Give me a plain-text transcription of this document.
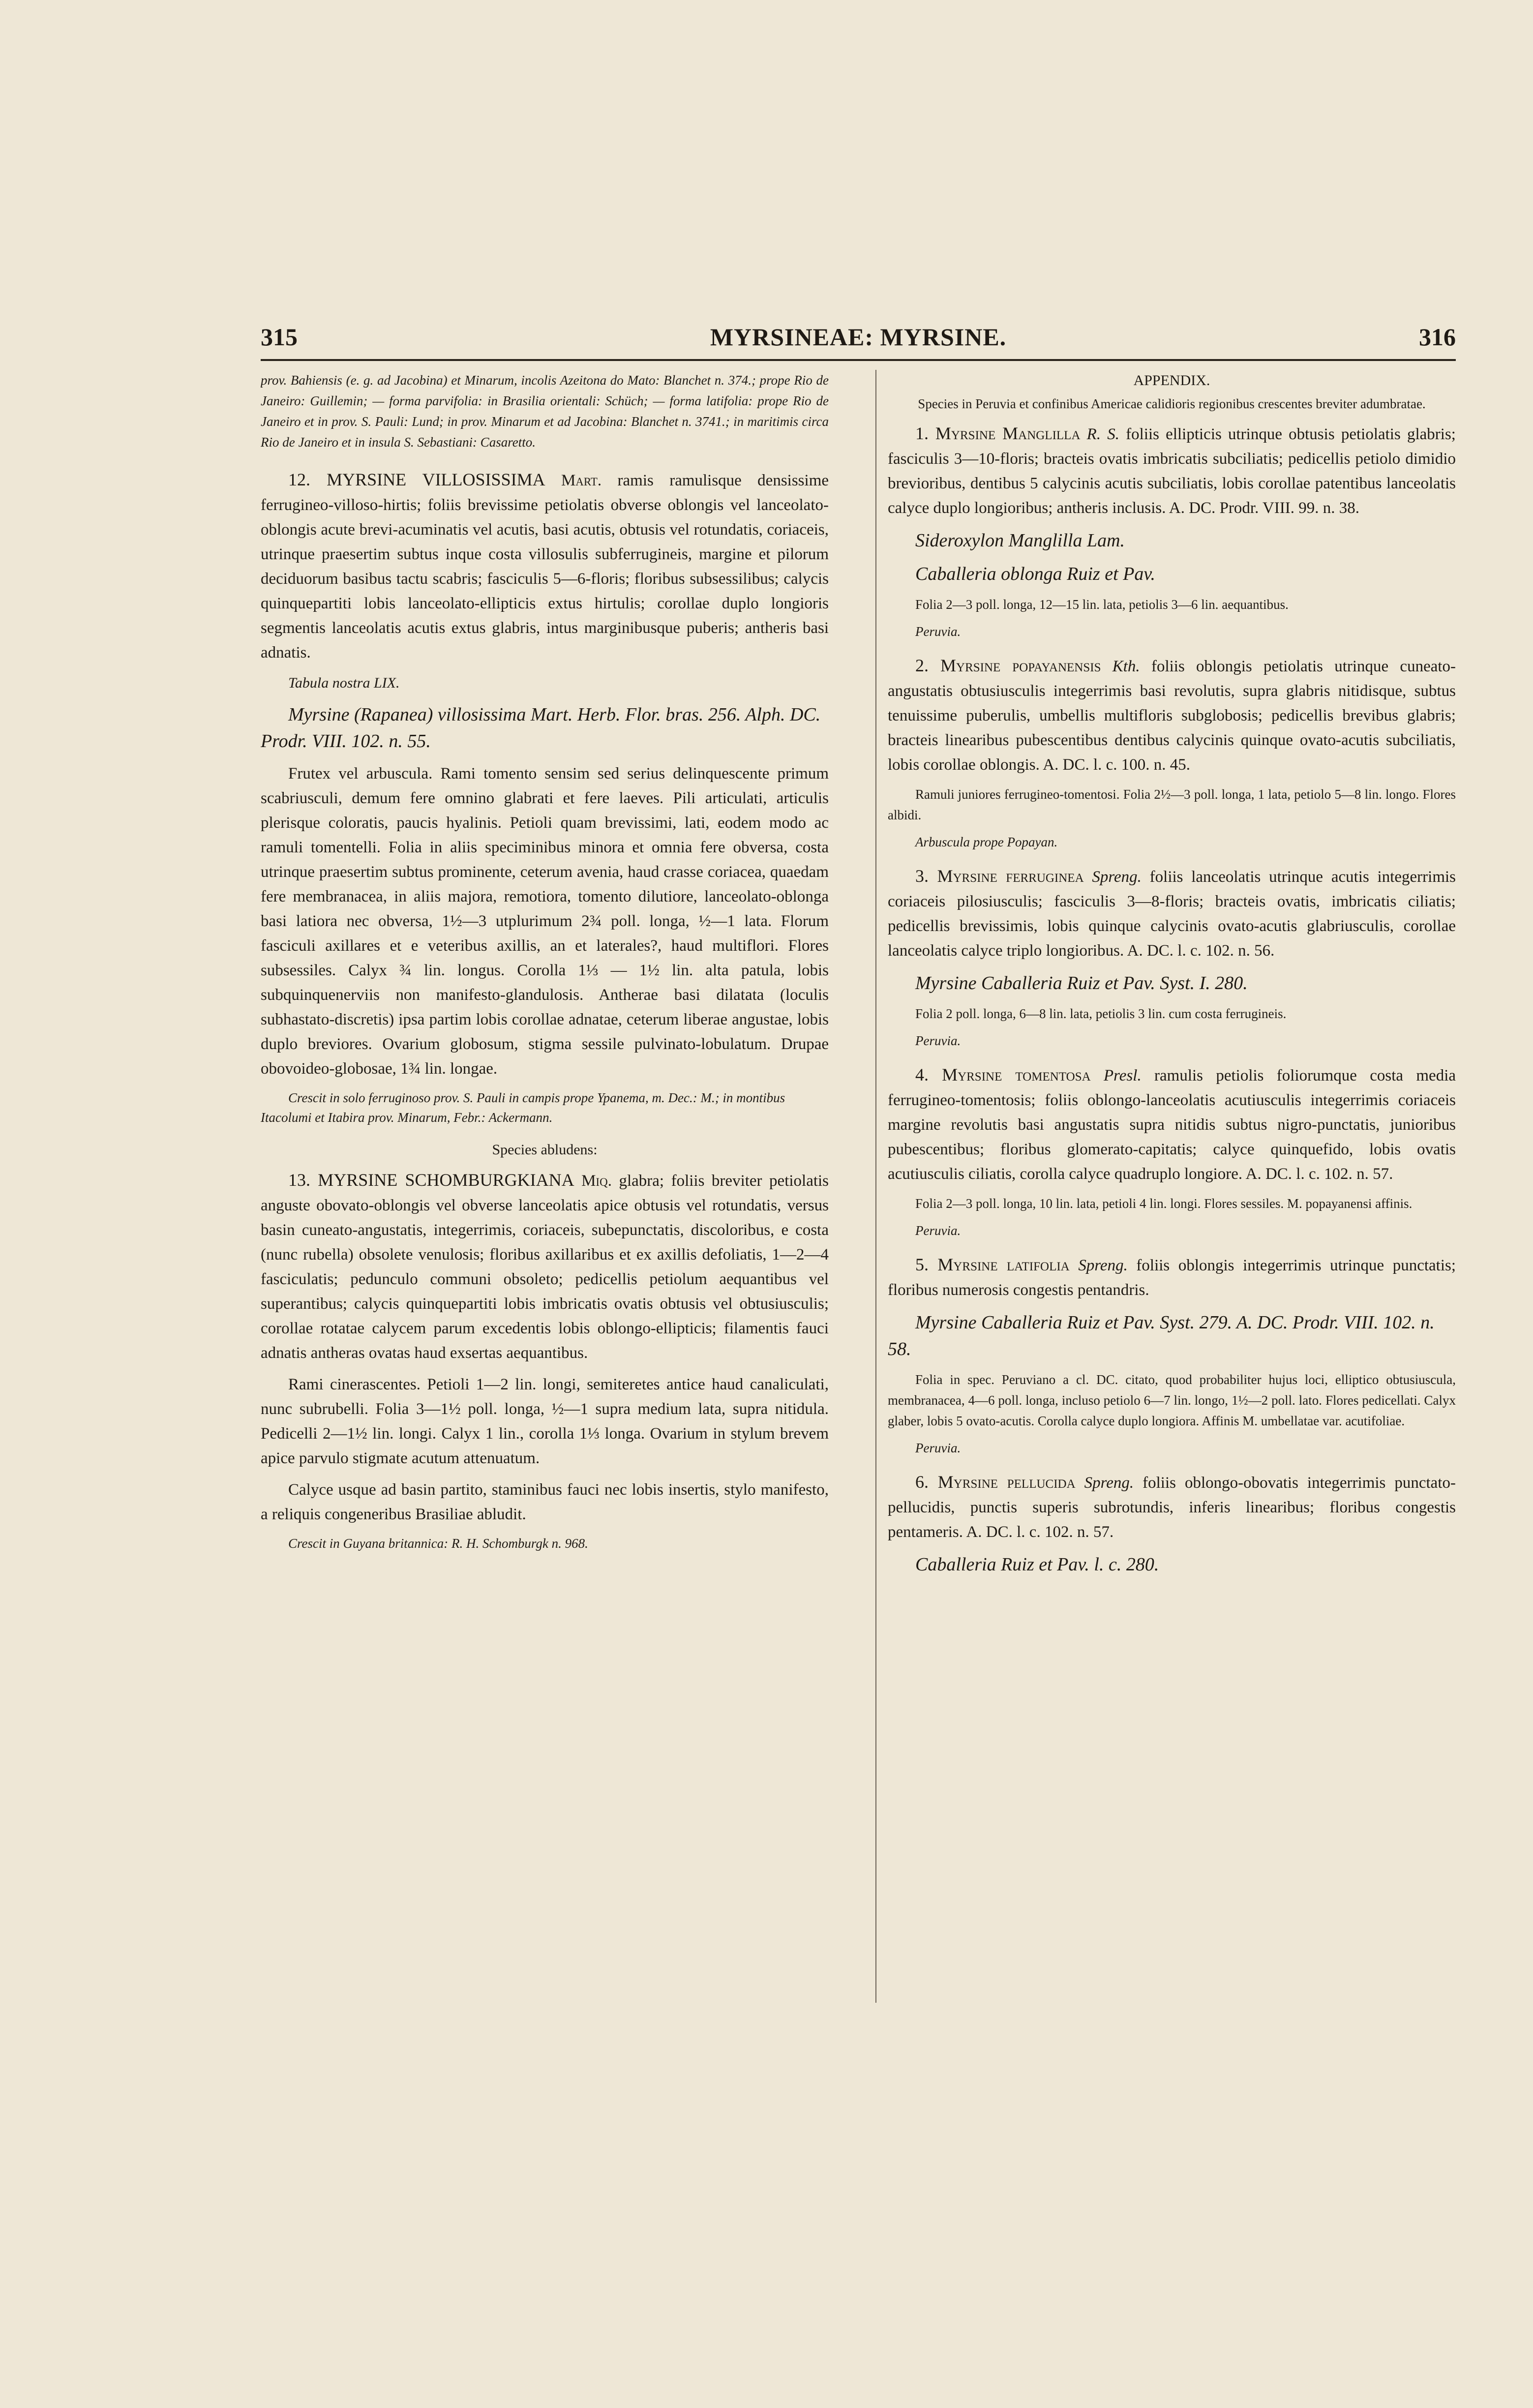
315	MYRSINEAE: MYRSINE.	316

prov. Bahiensis (e. g. ad Jacobina) et Minarum, incolis Azeitona do Mato: Blanchet n. 374.; prope Rio de Janeiro: Guillemin; — forma parvifolia: in Brasilia orientali: Schüch; — forma latifolia: prope Rio de Janeiro et in prov. S. Pauli: Lund; in prov. Minarum et ad Jacobina: Blanchet n. 3741.; in maritimis circa Rio de Janeiro et in insula S. Sebastiani: Casaretto.

12. MYRSINE VILLOSISSIMA Mart. ramis ramulisque densissime ferrugineo-villoso-hirtis; foliis brevissime petiolatis obverse oblongis vel lanceolato-oblongis acute brevi-acuminatis vel acutis, basi acutis, obtusis vel rotundatis, coriaceis, utrinque praesertim subtus inque costa villosulis subferrugineis, margine et pilorum deciduorum basibus tactu scabris; fasciculis 5—6-floris; floribus subsessilibus; calycis quinquepartiti lobis lanceolato-ellipticis extus hirtulis; corollae duplo longioris segmentis lanceolatis acutis extus glabris, intus marginibusque puberis; antheris basi adnatis.

Tabula nostra LIX.

Myrsine (Rapanea) villosissima Mart. Herb. Flor. bras. 256. Alph. DC. Prodr. VIII. 102. n. 55.

Frutex vel arbuscula. Rami tomento sensim sed serius delinquescente primum scabriusculi, demum fere omnino glabrati et fere laeves. Pili articulati, articulis plerisque coloratis, paucis hyalinis. Petioli quam brevissimi, lati, eodem modo ac ramuli tomentelli. Folia in aliis speciminibus minora et omnia fere obversa, costa utrinque praesertim subtus prominente, ceterum avenia, haud crasse coriacea, quaedam fere membranacea, in aliis majora, remotiora, tomento dilutiore, lanceolato-oblonga basi latiora nec obversa, 1½—3 utplurimum 2¾ poll. longa, ½—1 lata. Florum fasciculi axillares et e veteribus axillis, an et laterales?, haud multiflori. Flores subsessiles. Calyx ¾ lin. longus. Corolla 1⅓ — 1½ lin. alta patula, lobis subquinquenerviis non manifesto-glandulosis. Antherae basi dilatata (loculis subhastato-discretis) ipsa partim lobis corollae adnatae, ceterum liberae angustae, lobis duplo breviores. Ovarium globosum, stigma sessile pulvinato-lobulatum. Drupae obovoideo-globosae, 1¾ lin. longae.

Crescit in solo ferruginoso prov. S. Pauli in campis prope Ypanema, m. Dec.: M.; in montibus Itacolumi et Itabira prov. Minarum, Febr.: Ackermann.

Species abludens:

13. MYRSINE SCHOMBURGKIANA Miq. glabra; foliis breviter petiolatis anguste obovato-oblongis vel obverse lanceolatis apice obtusis vel rotundatis, versus basin cuneato-angustatis, integerrimis, coriaceis, subepunctatis, discoloribus, e costa (nunc rubella) obsolete venulosis; floribus axillaribus et ex axillis defoliatis, 1—2—4 fasciculatis; pedunculo communi obsoleto; pedicellis petiolum aequantibus vel superantibus; calycis quinquepartiti lobis imbricatis ovatis obtusis vel obtusiusculis; corollae rotatae calycem parum excedentis lobis oblongo-ellipticis; filamentis fauci adnatis antheras ovatas haud exsertas aequantibus.

Rami cinerascentes. Petioli 1—2 lin. longi, semiteretes antice haud canaliculati, nunc subrubelli. Folia 3—1½ poll. longa, ½—1 supra medium lata, supra nitidula. Pedicelli 2—1½ lin. longi. Calyx 1 lin., corolla 1⅓ longa. Ovarium in stylum brevem apice parvulo stigmate acutum attenuatum.

Calyce usque ad basin partito, staminibus fauci nec lobis insertis, stylo manifesto, a reliquis congeneribus Brasiliae abludit.

Crescit in Guyana britannica: R. H. Schomburgk n. 968.

APPENDIX.

Species in Peruvia et confinibus Americae calidioris regionibus crescentes breviter adumbratae.

1. Myrsine Manglilla R. S. foliis ellipticis utrinque obtusis petiolatis glabris; fasciculis 3—10-floris; bracteis ovatis imbricatis subciliatis; pedicellis petiolo dimidio brevioribus, dentibus 5 calycinis acutis subciliatis, lobis corollae patentibus lanceolatis calyce duplo longioribus; antheris inclusis. A. DC. Prodr. VIII. 99. n. 38.

Sideroxylon Manglilla Lam.

Caballeria oblonga Ruiz et Pav.

Folia 2—3 poll. longa, 12—15 lin. lata, petiolis 3—6 lin. aequantibus.

Peruvia.

2. Myrsine popayanensis Kth. foliis oblongis petiolatis utrinque cuneato-angustatis obtusiusculis integerrimis basi revolutis, supra glabris nitidisque, subtus tenuissime puberulis, umbellis multifloris subglobosis; pedicellis brevibus glabris; bracteis linearibus pubescentibus dentibus calycinis quinque ovato-acutis subciliatis, lobis corollae oblongis. A. DC. l. c. 100. n. 45.

Ramuli juniores ferrugineo-tomentosi. Folia 2½—3 poll. longa, 1 lata, petiolo 5—8 lin. longo. Flores albidi.

Arbuscula prope Popayan.

3. Myrsine ferruginea Spreng. foliis lanceolatis utrinque acutis integerrimis coriaceis pilosiusculis; fasciculis 3—8-floris; bracteis ovatis, imbricatis ciliatis; pedicellis brevissimis, lobis quinque calycinis ovato-acutis glabriusculis, corollae lanceolatis calyce triplo longioribus. A. DC. l. c. 102. n. 56.

Myrsine Caballeria Ruiz et Pav. Syst. I. 280.

Folia 2 poll. longa, 6—8 lin. lata, petiolis 3 lin. cum costa ferrugineis.

Peruvia.

4. Myrsine tomentosa Presl. ramulis petiolis foliorumque costa media ferrugineo-tomentosis; foliis oblongo-lanceolatis acutiusculis integerrimis coriaceis margine revolutis basi angustatis supra nitidis subtus nigro-punctatis, junioribus pubescentibus; floribus glomerato-capitatis; calyce quinquefido, lobis ovatis acutiusculis ciliatis, corolla calyce quadruplo longiore. A. DC. l. c. 102. n. 57.

Folia 2—3 poll. longa, 10 lin. lata, petioli 4 lin. longi. Flores sessiles. M. popayanensi affinis.

Peruvia.

5. Myrsine latifolia Spreng. foliis oblongis integerrimis utrinque punctatis; floribus numerosis congestis pentandris.

Myrsine Caballeria Ruiz et Pav. Syst. 279. A. DC. Prodr. VIII. 102. n. 58.

Folia in spec. Peruviano a cl. DC. citato, quod probabiliter hujus loci, elliptico obtusiuscula, membranacea, 4—6 poll. longa, incluso petiolo 6—7 lin. longo, 1½—2 poll. lato. Flores pedicellati. Calyx glaber, lobis 5 ovato-acutis. Corolla calyce duplo longiora. Affinis M. umbellatae var. acutifoliae.

Peruvia.

6. Myrsine pellucida Spreng. foliis oblongo-obovatis integerrimis punctato-pellucidis, punctis superis subrotundis, inferis linearibus; floribus congestis pentameris. A. DC. l. c. 102. n. 57.

Caballeria Ruiz et Pav. l. c. 280.
